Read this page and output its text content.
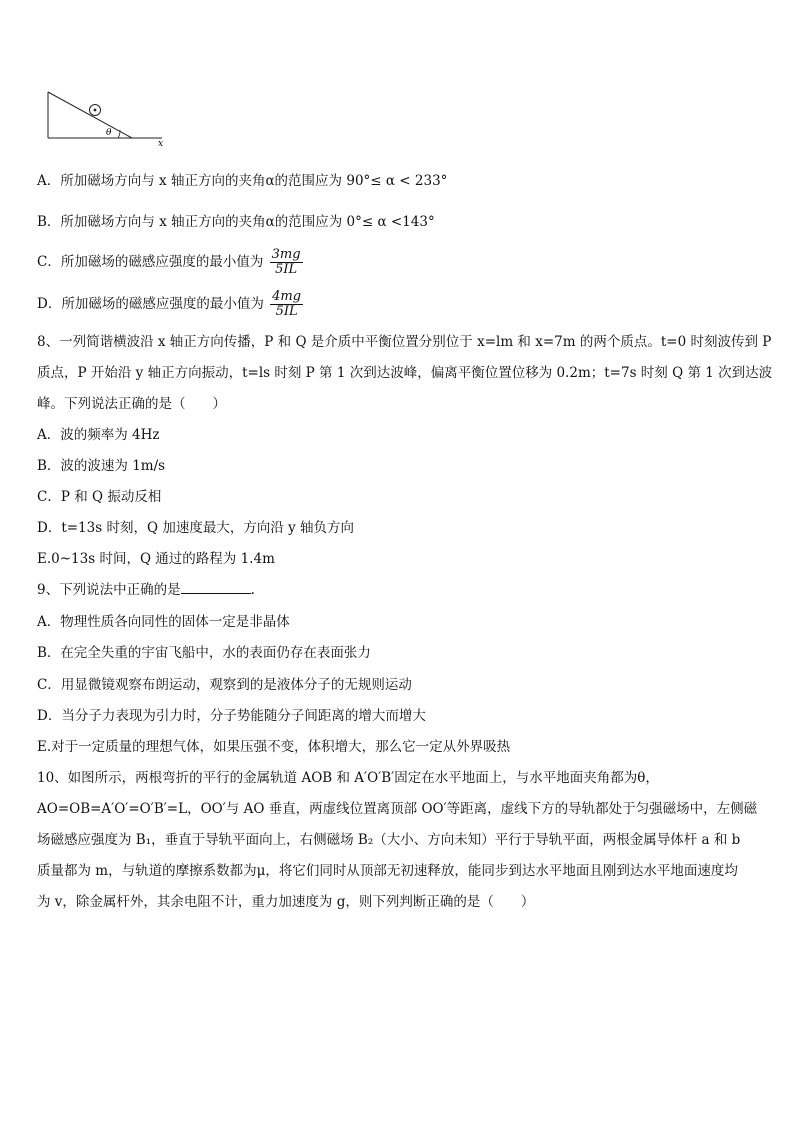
θ
x
A．所加磁场方向与 x 轴正方向的夹角α的范围应为 90°≤ α < 233°
B．所加磁场方向与 x 轴正方向的夹角α的范围应为 0°≤ α <143°
C．所加磁场的磁感应强度的最小值为 $\frac{3mg}{5IL}$
D．所加磁场的磁感应强度的最小值为 $\frac{4mg}{5IL}$
8、一列简谐横波沿 x 轴正方向传播，P 和 Q 是介质中平衡位置分别位于 x=lm 和 x=7m 的两个质点。t=0 时刻波传到 P
质点，P 开始沿 y 轴正方向振动，t=ls 时刻 P 第 1 次到达波峰，偏离平衡位置位移为 0.2m；t=7s 时刻 Q 第 1 次到达波
峰。下列说法正确的是（　　）
A．波的频率为 4Hz
B．波的波速为 1m/s
C．P 和 Q 振动反相
D．t=13s 时刻，Q 加速度最大，方向沿 y 轴负方向
E.0~13s 时间，Q 通过的路程为 1.4m
9、下列说法中正确的是	.
A．物理性质各向同性的固体一定是非晶体
B．在完全失重的宇宙飞船中，水的表面仍存在表面张力
C．用显微镜观察布朗运动，观察到的是液体分子的无规则运动
D．当分子力表现为引力时，分子势能随分子间距离的增大而增大
E.对于一定质量的理想气体，如果压强不变，体积增大，那么它一定从外界吸热
10、如图所示，两根弯折的平行的金属轨道 AOB 和 A′O′B′固定在水平地面上，与水平地面夹角都为θ，
AO=OB=A′O′=O′B′=L，OO′与 AO 垂直，两虚线位置离顶部 OO′等距离，虚线下方的导轨都处于匀强磁场中，左侧磁
场磁感应强度为 B₁，垂直于导轨平面向上，右侧磁场 B₂（大小、方向未知）平行于导轨平面，两根金属导体杆 a 和 b
质量都为 m，与轨道的摩擦系数都为μ，将它们同时从顶部无初速释放，能同步到达水平地面且刚到达水平地面速度均
为 v，除金属杆外，其余电阻不计，重力加速度为 g，则下列判断正确的是（　　）
